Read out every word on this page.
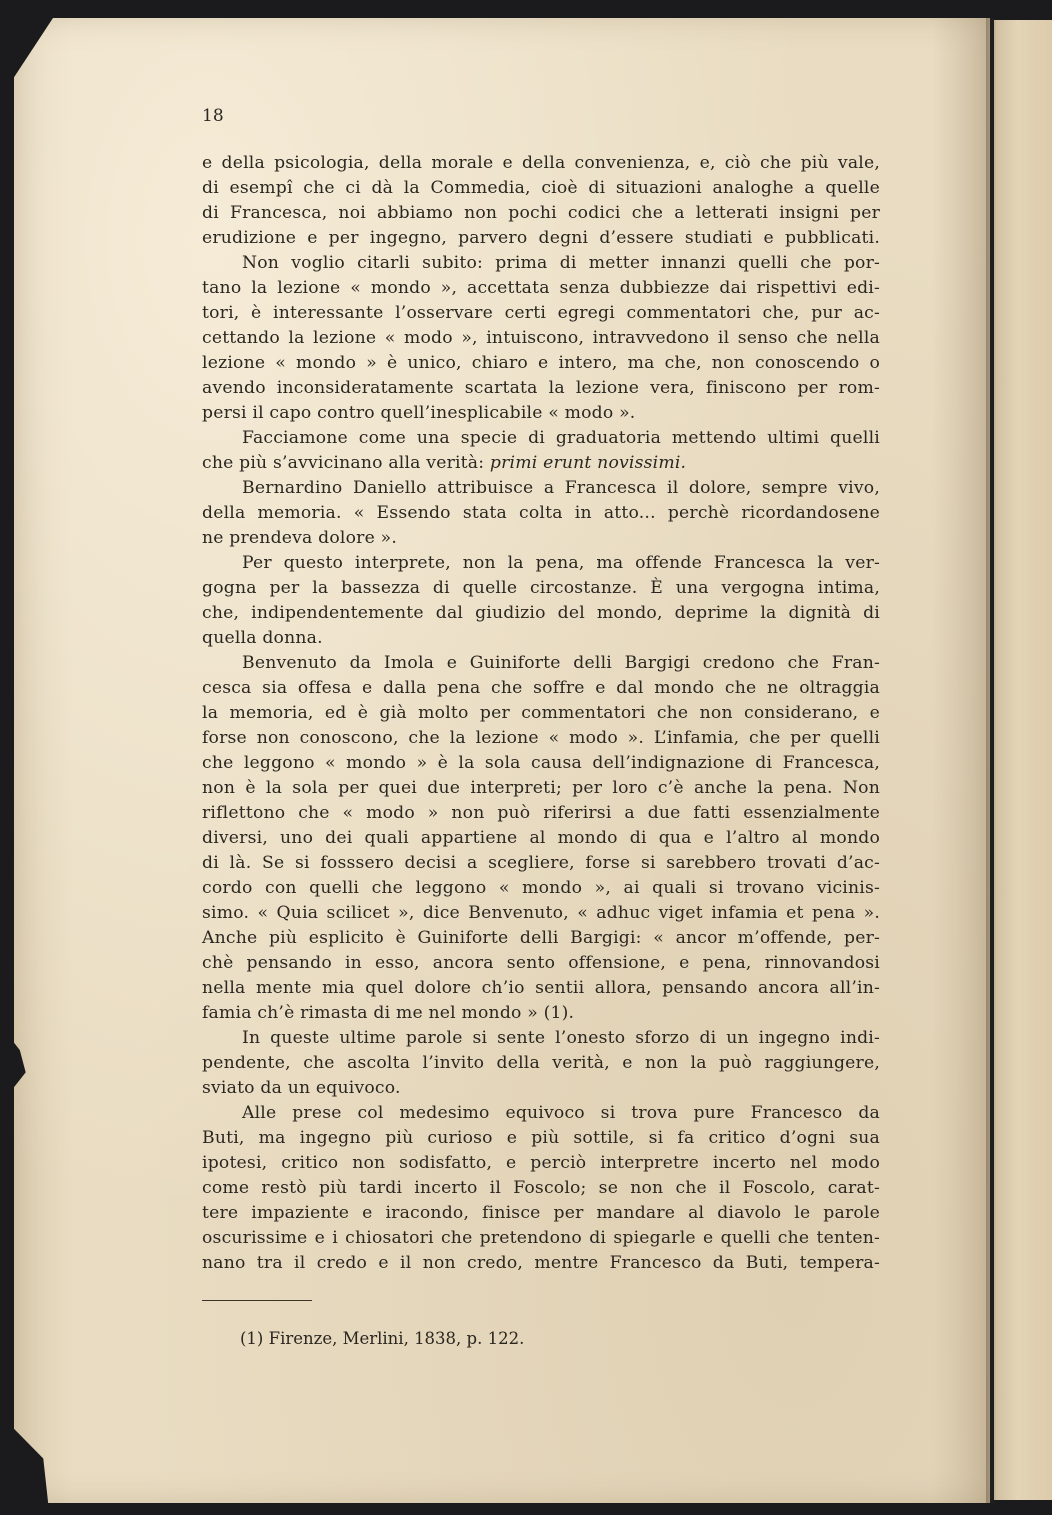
18
e della psicologia, della morale e della convenienza, e, ciò che più vale,
di esempî che ci dà la Commedia, cioè di situazioni analoghe a quelle
di Francesca, noi abbiamo non pochi codici che a letterati insigni per
erudizione e per ingegno, parvero degni d’essere studiati e pubblicati.
Non voglio citarli subito: prima di metter innanzi quelli che por-
tano la lezione « mondo », accettata senza dubbiezze dai rispettivi edi-
tori, è interessante l’osservare certi egregi commentatori che, pur ac-
cettando la lezione « modo », intuiscono, intravvedono il senso che nella
lezione « mondo » è unico, chiaro e intero, ma che, non conoscendo o
avendo inconsideratamente scartata la lezione vera, finiscono per rom-
persi il capo contro quell’inesplicabile « modo ».
Facciamone come una specie di graduatoria mettendo ultimi quelli
che più s’avvicinano alla verità: primi erunt novissimi.
Bernardino Daniello attribuisce a Francesca il dolore, sempre vivo,
della memoria. « Essendo stata colta in atto... perchè ricordandosene
ne prendeva dolore ».
Per questo interprete, non la pena, ma offende Francesca la ver-
gogna per la bassezza di quelle circostanze. È una vergogna intima,
che, indipendentemente dal giudizio del mondo, deprime la dignità di
quella donna.
Benvenuto da Imola e Guiniforte delli Bargigi credono che Fran-
cesca sia offesa e dalla pena che soffre e dal mondo che ne oltraggia
la memoria, ed è già molto per commentatori che non considerano, e
forse non conoscono, che la lezione « modo ». L’infamia, che per quelli
che leggono « mondo » è la sola causa dell’indignazione di Francesca,
non è la sola per quei due interpreti; per loro c’è anche la pena. Non
riflettono che « modo » non può riferirsi a due fatti essenzialmente
diversi, uno dei quali appartiene al mondo di qua e l’altro al mondo
di là. Se si fosssero decisi a scegliere, forse si sarebbero trovati d’ac-
cordo con quelli che leggono « mondo », ai quali si trovano vicinis-
simo. « Quia scilicet », dice Benvenuto, « adhuc viget infamia et pena ».
Anche più esplicito è Guiniforte delli Bargigi: « ancor m’offende, per-
chè pensando in esso, ancora sento offensione, e pena, rinnovandosi
nella mente mia quel dolore ch’io sentii allora, pensando ancora all’in-
famia ch’è rimasta di me nel mondo » (1).
In queste ultime parole si sente l’onesto sforzo di un ingegno indi-
pendente, che ascolta l’invito della verità, e non la può raggiungere,
sviato da un equivoco.
Alle prese col medesimo equivoco si trova pure Francesco da
Buti, ma ingegno più curioso e più sottile, si fa critico d’ogni sua
ipotesi, critico non sodisfatto, e perciò interpretre incerto nel modo
come restò più tardi incerto il Foscolo; se non che il Foscolo, carat-
tere impaziente e iracondo, finisce per mandare al diavolo le parole
oscurissime e i chiosatori che pretendono di spiegarle e quelli che tenten-
nano tra il credo e il non credo, mentre Francesco da Buti, tempera-
(1) Firenze, Merlini, 1838, p. 122.
